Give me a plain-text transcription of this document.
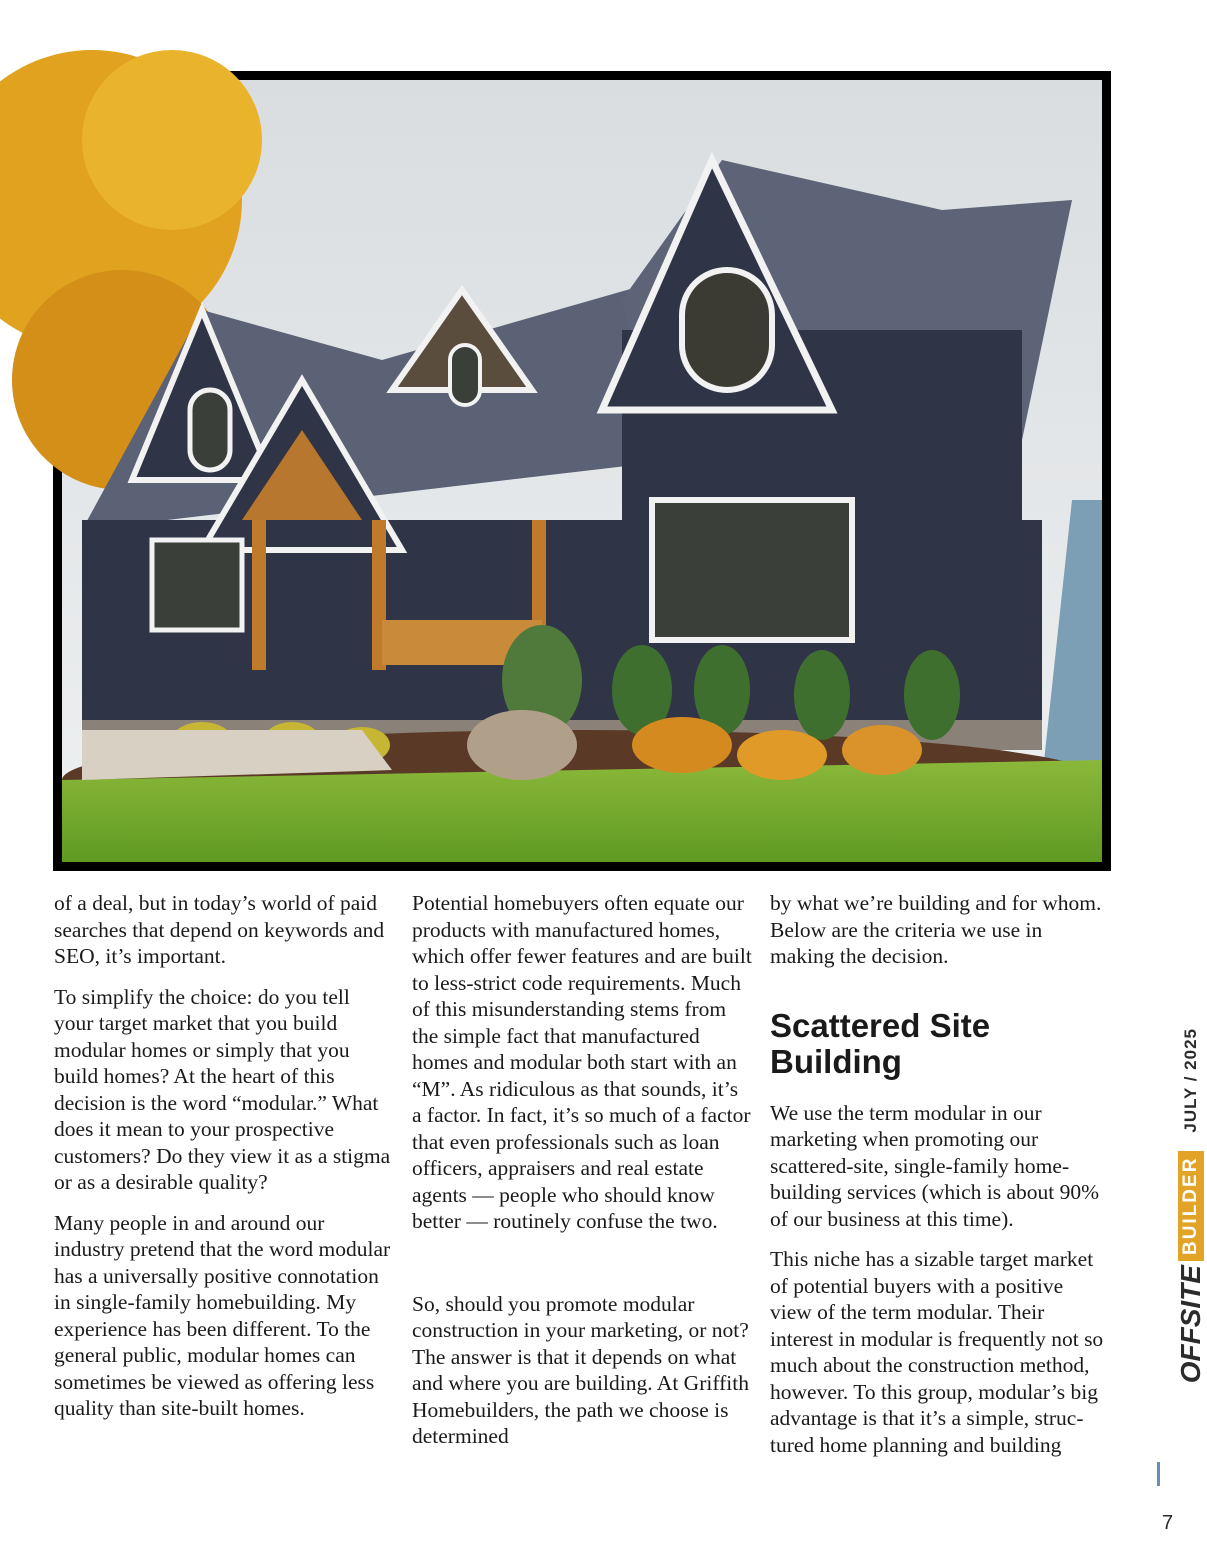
of a deal, but in today’s world of paid searches that depend on keywords and SEO, it’s important.

To simplify the choice: do you tell your target market that you build modular homes or simply that you build homes? At the heart of this decision is the word “modular.” What does it mean to your prospective customers? Do they view it as a stigma or as a desirable quality?

Many people in and around our industry pretend that the word modular has a universally positive connotation in single-family homebuilding. My experience has been different. To the general public, modular homes can sometimes be viewed as offering less quality than site-built homes.

Potential homebuyers often equate our products with manufactured homes, which offer fewer features and are built to less-strict code requirements. Much of this misunderstanding stems from the simple fact that manufactured homes and modular both start with an “M”. As ridiculous as that sounds, it’s a factor. In fact, it’s so much of a factor that even professionals such as loan officers, appraisers and real estate agents — people who should know better — routinely confuse the two.

So, should you promote modular construction in your marketing, or not? The answer is that it depends on what and where you are building. At Griffith Homebuilders, the path we choose is determined

by what we’re building and for whom. Below are the criteria we use in making the decision.

Scattered Site Building

We use the term modular in our marketing when promoting our scattered-site, single-family homebuilding services (which is about 90% of our business at this time).

This niche has a sizable target market of potential buyers with a positive view of the term modular. Their interest in modular is frequently not so much about the construction method, however. To this group, modular’s big advantage is that it’s a simple, structured home planning and building

OFFSITE
BUILDER
JULY / 2025
7
